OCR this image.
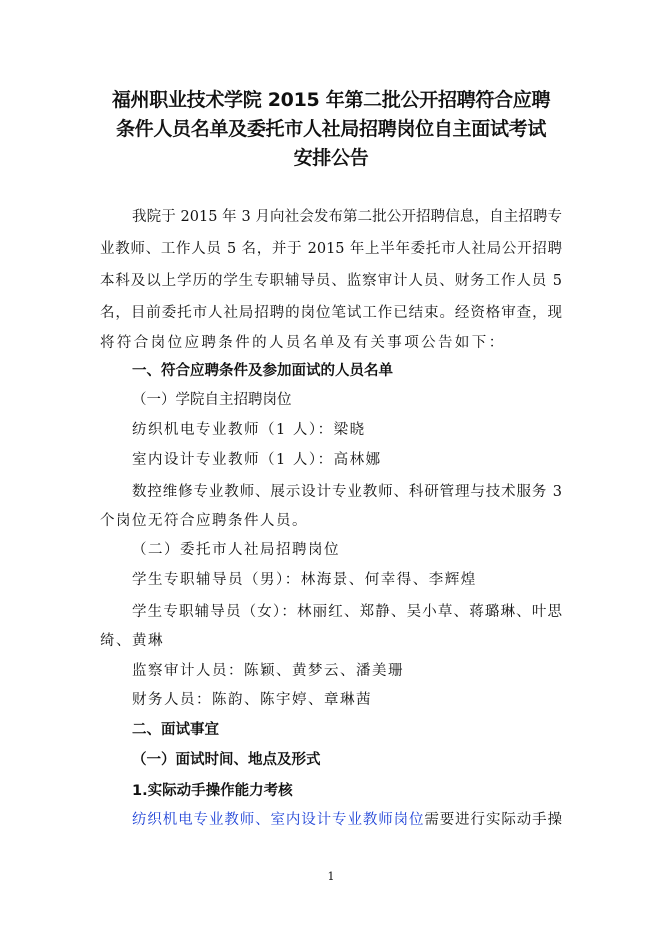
福州职业技术学院 2015 年第二批公开招聘符合应聘
条件人员名单及委托市人社局招聘岗位自主面试考试
安排公告
我院于 2015 年 3 月向社会发布第二批公开招聘信息，自主招聘专
业教师、工作人员 5 名，并于 2015 年上半年委托市人社局公开招聘
本科及以上学历的学生专职辅导员、监察审计人员、财务工作人员 5
名，目前委托市人社局招聘的岗位笔试工作已结束。经资格审查，现
将符合岗位应聘条件的人员名单及有关事项公告如下：
一、符合应聘条件及参加面试的人员名单
（一）学院自主招聘岗位
纺织机电专业教师（1 人）：梁晓
室内设计专业教师（1 人）：高林娜
数控维修专业教师、展示设计专业教师、科研管理与技术服务 3
个岗位无符合应聘条件人员。
（二）委托市人社局招聘岗位
学生专职辅导员（男）：林海景、何幸得、李辉煌
学生专职辅导员（女）：林丽红、郑静、吴小草、蒋璐琳、叶思
绮、黄琳
监察审计人员：陈颖、黄梦云、潘美珊
财务人员：陈韵、陈宇婷、章琳茜
二、面试事宜
（一）面试时间、地点及形式
1.实际动手操作能力考核
纺织机电专业教师、室内设计专业教师岗位需要进行实际动手操
1
